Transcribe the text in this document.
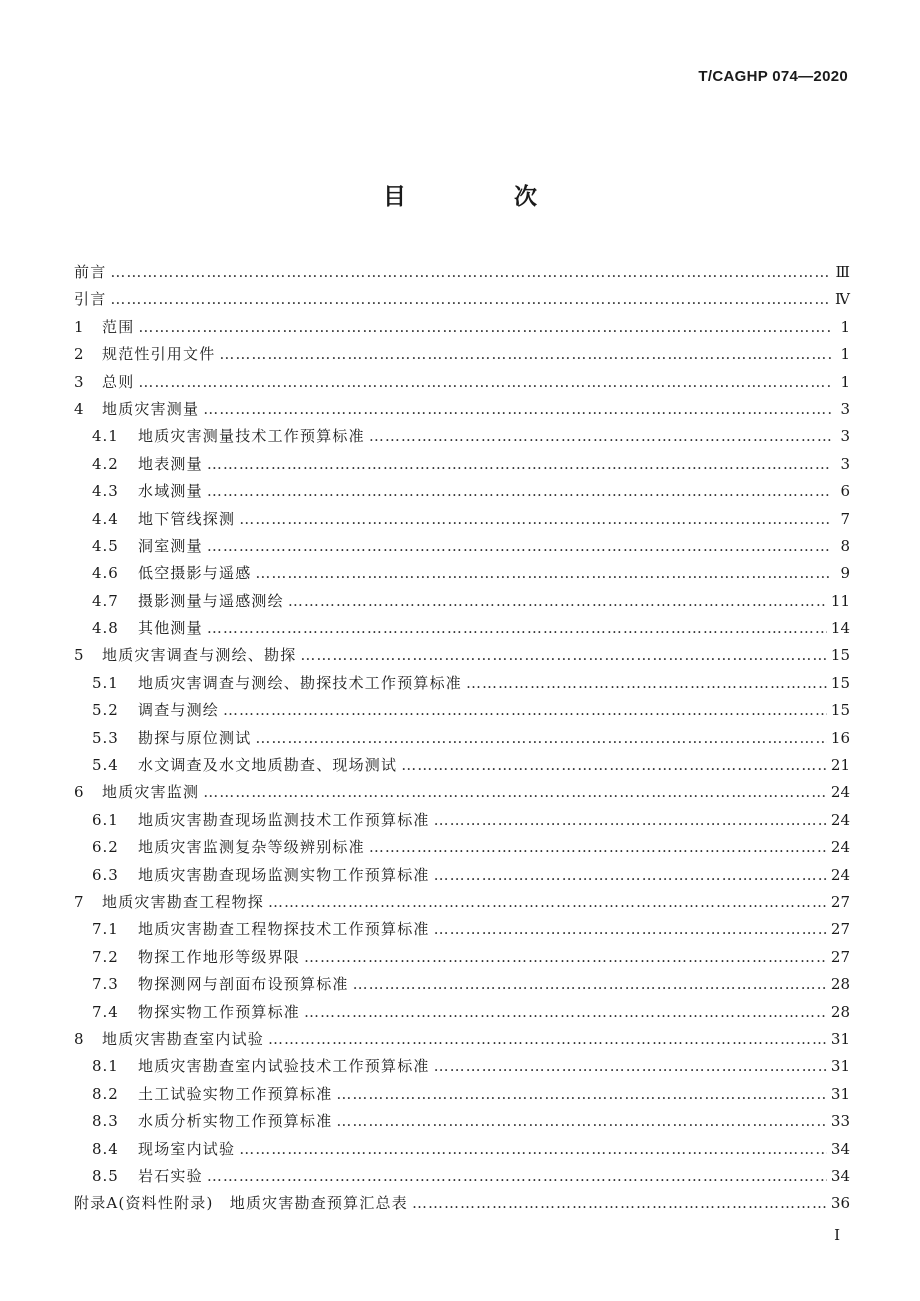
T/CAGHP 074—2020
目 次
前言 ……………………………………………………………………………………………………………………………………………………………………………………………………………………	Ⅲ
引言 ……………………………………………………………………………………………………………………………………………………………………………………………………………………	Ⅳ
1	范围 ……………………………………………………………………………………………………………………………………………………………………………………………………………………	1
2	规范性引用文件 ……………………………………………………………………………………………………………………………………………………………………………………………………………………	1
3	总则 ……………………………………………………………………………………………………………………………………………………………………………………………………………………	1
4	地质灾害测量 ……………………………………………………………………………………………………………………………………………………………………………………………………………………	3
4.1	地质灾害测量技术工作预算标准 ……………………………………………………………………………………………………………………………………………………………………………………………………………………	3
4.2	地表测量 ……………………………………………………………………………………………………………………………………………………………………………………………………………………	3
4.3	水域测量 ……………………………………………………………………………………………………………………………………………………………………………………………………………………	6
4.4	地下管线探测 ……………………………………………………………………………………………………………………………………………………………………………………………………………………	7
4.5	洞室测量 ……………………………………………………………………………………………………………………………………………………………………………………………………………………	8
4.6	低空摄影与遥感 ……………………………………………………………………………………………………………………………………………………………………………………………………………………	9
4.7	摄影测量与遥感测绘 ……………………………………………………………………………………………………………………………………………………………………………………………………………………	11
4.8	其他测量 ……………………………………………………………………………………………………………………………………………………………………………………………………………………	14
5	地质灾害调查与测绘、勘探 ……………………………………………………………………………………………………………………………………………………………………………………………………………………	15
5.1	地质灾害调查与测绘、勘探技术工作预算标准 ……………………………………………………………………………………………………………………………………………………………………………………………………………………	15
5.2	调查与测绘 ……………………………………………………………………………………………………………………………………………………………………………………………………………………	15
5.3	勘探与原位测试 ……………………………………………………………………………………………………………………………………………………………………………………………………………………	16
5.4	水文调查及水文地质勘查、现场测试 ……………………………………………………………………………………………………………………………………………………………………………………………………………………	21
6	地质灾害监测 ……………………………………………………………………………………………………………………………………………………………………………………………………………………	24
6.1	地质灾害勘查现场监测技术工作预算标准 ……………………………………………………………………………………………………………………………………………………………………………………………………………………	24
6.2	地质灾害监测复杂等级辨别标准 ……………………………………………………………………………………………………………………………………………………………………………………………………………………	24
6.3	地质灾害勘查现场监测实物工作预算标准 ……………………………………………………………………………………………………………………………………………………………………………………………………………………	24
7	地质灾害勘查工程物探 ……………………………………………………………………………………………………………………………………………………………………………………………………………………	27
7.1	地质灾害勘查工程物探技术工作预算标准 ……………………………………………………………………………………………………………………………………………………………………………………………………………………	27
7.2	物探工作地形等级界限 ……………………………………………………………………………………………………………………………………………………………………………………………………………………	27
7.3	物探测网与剖面布设预算标准 ……………………………………………………………………………………………………………………………………………………………………………………………………………………	28
7.4	物探实物工作预算标准 ……………………………………………………………………………………………………………………………………………………………………………………………………………………	28
8	地质灾害勘查室内试验 ……………………………………………………………………………………………………………………………………………………………………………………………………………………	31
8.1	地质灾害勘查室内试验技术工作预算标准 ……………………………………………………………………………………………………………………………………………………………………………………………………………………	31
8.2	土工试验实物工作预算标准 ……………………………………………………………………………………………………………………………………………………………………………………………………………………	31
8.3	水质分析实物工作预算标准 ……………………………………………………………………………………………………………………………………………………………………………………………………………………	33
8.4	现场室内试验 ……………………………………………………………………………………………………………………………………………………………………………………………………………………	34
8.5	岩石实验 ……………………………………………………………………………………………………………………………………………………………………………………………………………………	34
附录A(资料性附录)　地质灾害勘查预算汇总表 ……………………………………………………………………………………………………………………………………………………………………………………………………………………	36
I
